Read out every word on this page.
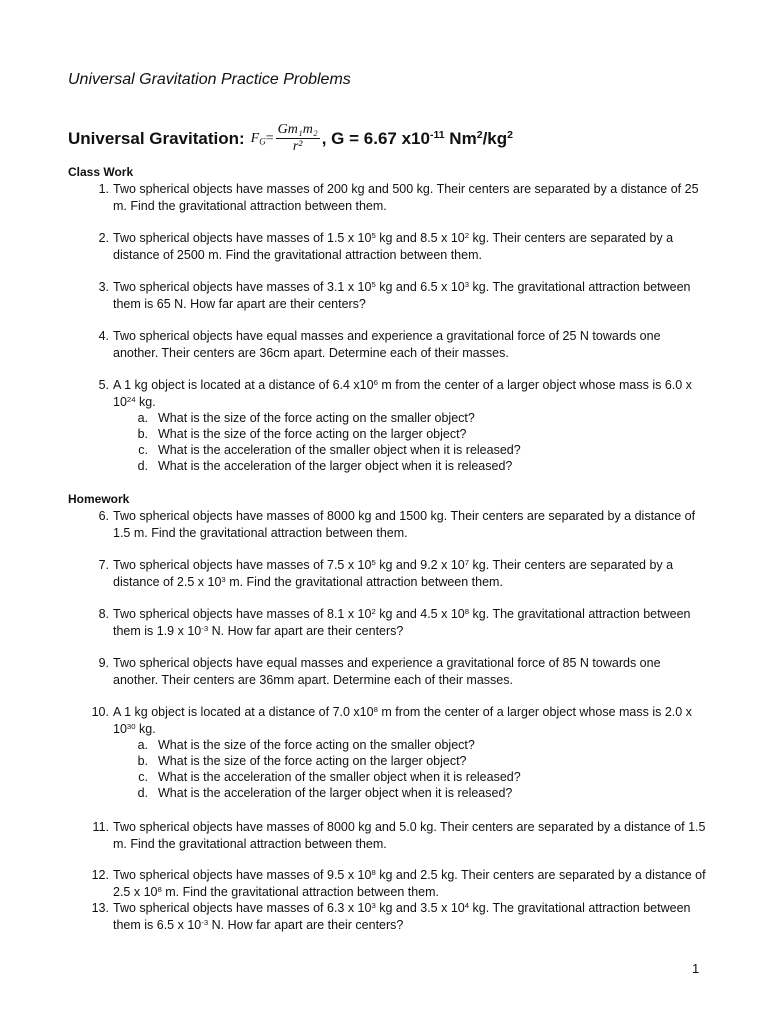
Universal Gravitation Practice Problems
Universal Gravitation: $F_G = \frac{\text{Gm₁m₂}}{\text{r²}}$ , G = 6.67 $x10^{-11}$ $Nm^2/kg^2$
Class Work
1. Two spherical objects have masses of 200 kg and 500 kg. Their centers are separated by a distance of 25 m. Find the gravitational attraction between them.
2. Two spherical objects have masses of 1.5 x $10^5$ kg and 8.5 x $10^2$ kg. Their centers are separated by a distance of 2500 m. Find the gravitational attraction between them.
3. Two spherical objects have masses of 3.1 x $10^5$ kg and 6.5 x $10^3$ kg. The gravitational attraction between them is 65 N. How far apart are their centers?
4. Two spherical objects have equal masses and experience a gravitational force of 25 N towards one another. Their centers are 36cm apart. Determine each of their masses.
5. A 1 kg object is located at a distance of 6.4 $x10^6$ m from the center of a larger object whose mass is 6.0 x $10^{24}$ kg.
a. What is the size of the force acting on the smaller object?
b. What is the size of the force acting on the larger object?
c. What is the acceleration of the smaller object when it is released?
d. What is the acceleration of the larger object when it is released?
Homework
6. Two spherical objects have masses of 8000 kg and 1500 kg. Their centers are separated by a distance of 1.5 m. Find the gravitational attraction between them.
7. Two spherical objects have masses of 7.5 x $10^5$ kg and 9.2 x $10^7$ kg. Their centers are separated by a distance of 2.5 x $10^3$ m. Find the gravitational attraction between them.
8. Two spherical objects have masses of 8.1 x $10^2$ kg and 4.5 x $10^8$ kg. The gravitational attraction between them is 1.9 x $10^{-3}$ N. How far apart are their centers?
9. Two spherical objects have equal masses and experience a gravitational force of 85 N towards one another. Their centers are 36mm apart. Determine each of their masses.
10. A 1 kg object is located at a distance of 7.0 $x10^8$ m from the center of a larger object whose mass is 2.0 x $10^{30}$ kg.
a. What is the size of the force acting on the smaller object?
b. What is the size of the force acting on the larger object?
c. What is the acceleration of the smaller object when it is released?
d. What is the acceleration of the larger object when it is released?
11. Two spherical objects have masses of 8000 kg and 5.0 kg. Their centers are separated by a distance of 1.5 m. Find the gravitational attraction between them.
12. Two spherical objects have masses of 9.5 x $10^8$ kg and 2.5 kg. Their centers are separated by a distance of 2.5 x $10^8$ m. Find the gravitational attraction between them.
13. Two spherical objects have masses of 6.3 x $10^3$ kg and 3.5 x $10^4$ kg. The gravitational attraction between them is 6.5 x $10^{-3}$ N. How far apart are their centers?
1
